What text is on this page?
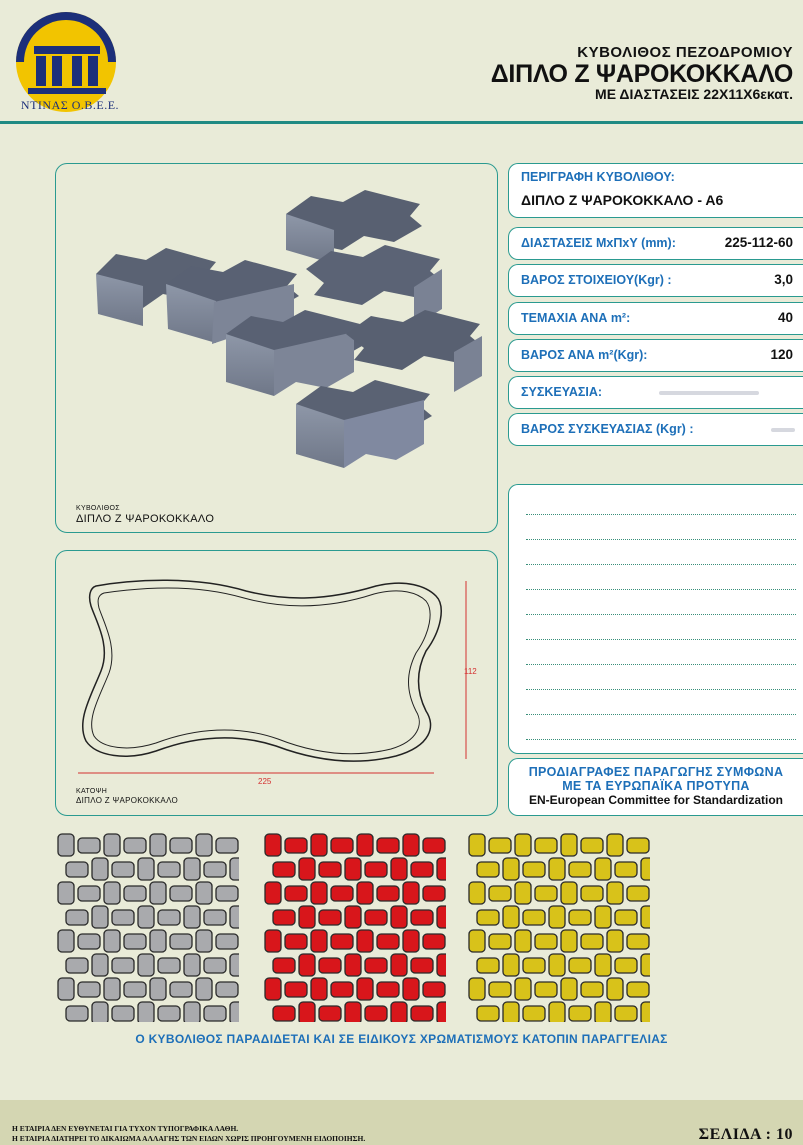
ΝΤΙΝΑΣ Ο.Β.Ε.Ε.
ΚΥΒΟΛΙΘΟΣ ΠΕΖΟΔΡΟΜΙΟΥ
ΔΙΠΛΟ Ζ ΨΑΡΟΚΟΚΚΑΛΟ
ΜΕ ΔΙΑΣΤΑΣΕΙΣ 22Χ11Χ6εκατ.
ΚΥΒΟΛΙΘΟΣ
ΔΙΠΛΟ Ζ ΨΑΡΟΚΟΚΚΑΛΟ
112
225
ΚΑΤΟΨΗ
ΔΙΠΛΟ Ζ ΨΑΡΟΚΟΚΚΑΛΟ
ΠΕΡΙΓΡΑΦΗ ΚΥΒΟΛΙΘΟΥ:
ΔΙΠΛΟ Ζ ΨΑΡΟΚΟΚΚΑΛΟ - Α6
ΔΙΑΣΤΑΣΕΙΣ ΜxΠxΥ (mm):	225-112-60
ΒΑΡΟΣ ΣΤΟΙΧΕΙΟΥ(Kgr) :	3,0
ΤΕΜΑΧΙΑ ΑΝΑ m²:	40
ΒΑΡΟΣ ΑΝΑ m²(Kgr):	120
ΣΥΣΚΕΥΑΣΙΑ:
ΒΑΡΟΣ ΣΥΣΚΕΥΑΣΙΑΣ (Kgr) :
ΠΡΟΔΙΑΓΡΑΦΕΣ ΠΑΡΑΓΩΓΗΣ ΣΥΜΦΩΝΑ
ΜΕ ΤΑ ΕΥΡΩΠΑΪΚΑ ΠΡΟΤΥΠΑ
EN-European Committee for Standardization
Ο ΚΥΒΟΛΙΘΟΣ ΠΑΡΑΔΙΔΕΤΑΙ ΚΑΙ ΣΕ ΕΙΔΙΚΟΥΣ ΧΡΩΜΑΤΙΣΜΟΥΣ ΚΑΤΟΠΙΝ ΠΑΡΑΓΓΕΛΙΑΣ
Η ΕΤΑΙΡΙΑ ΔΕΝ ΕΥΘΥΝΕΤΑΙ ΓΙΑ ΤΥΧΟΝ ΤΥΠΟΓΡΑΦΙΚΑ ΛΑΘΗ.
Η ΕΤΑΙΡΙΑ ΔΙΑΤΗΡΕΙ ΤΟ ΔΙΚΑΙΩΜΑ ΑΛΛΑΓΗΣ ΤΩΝ ΕΙΔΩΝ ΧΩΡΙΣ ΠΡΟΗΓΟΥΜΕΝΗ ΕΙΔΟΠΟΙΗΣΗ.	ΣΕΛΙΔΑ : 10
